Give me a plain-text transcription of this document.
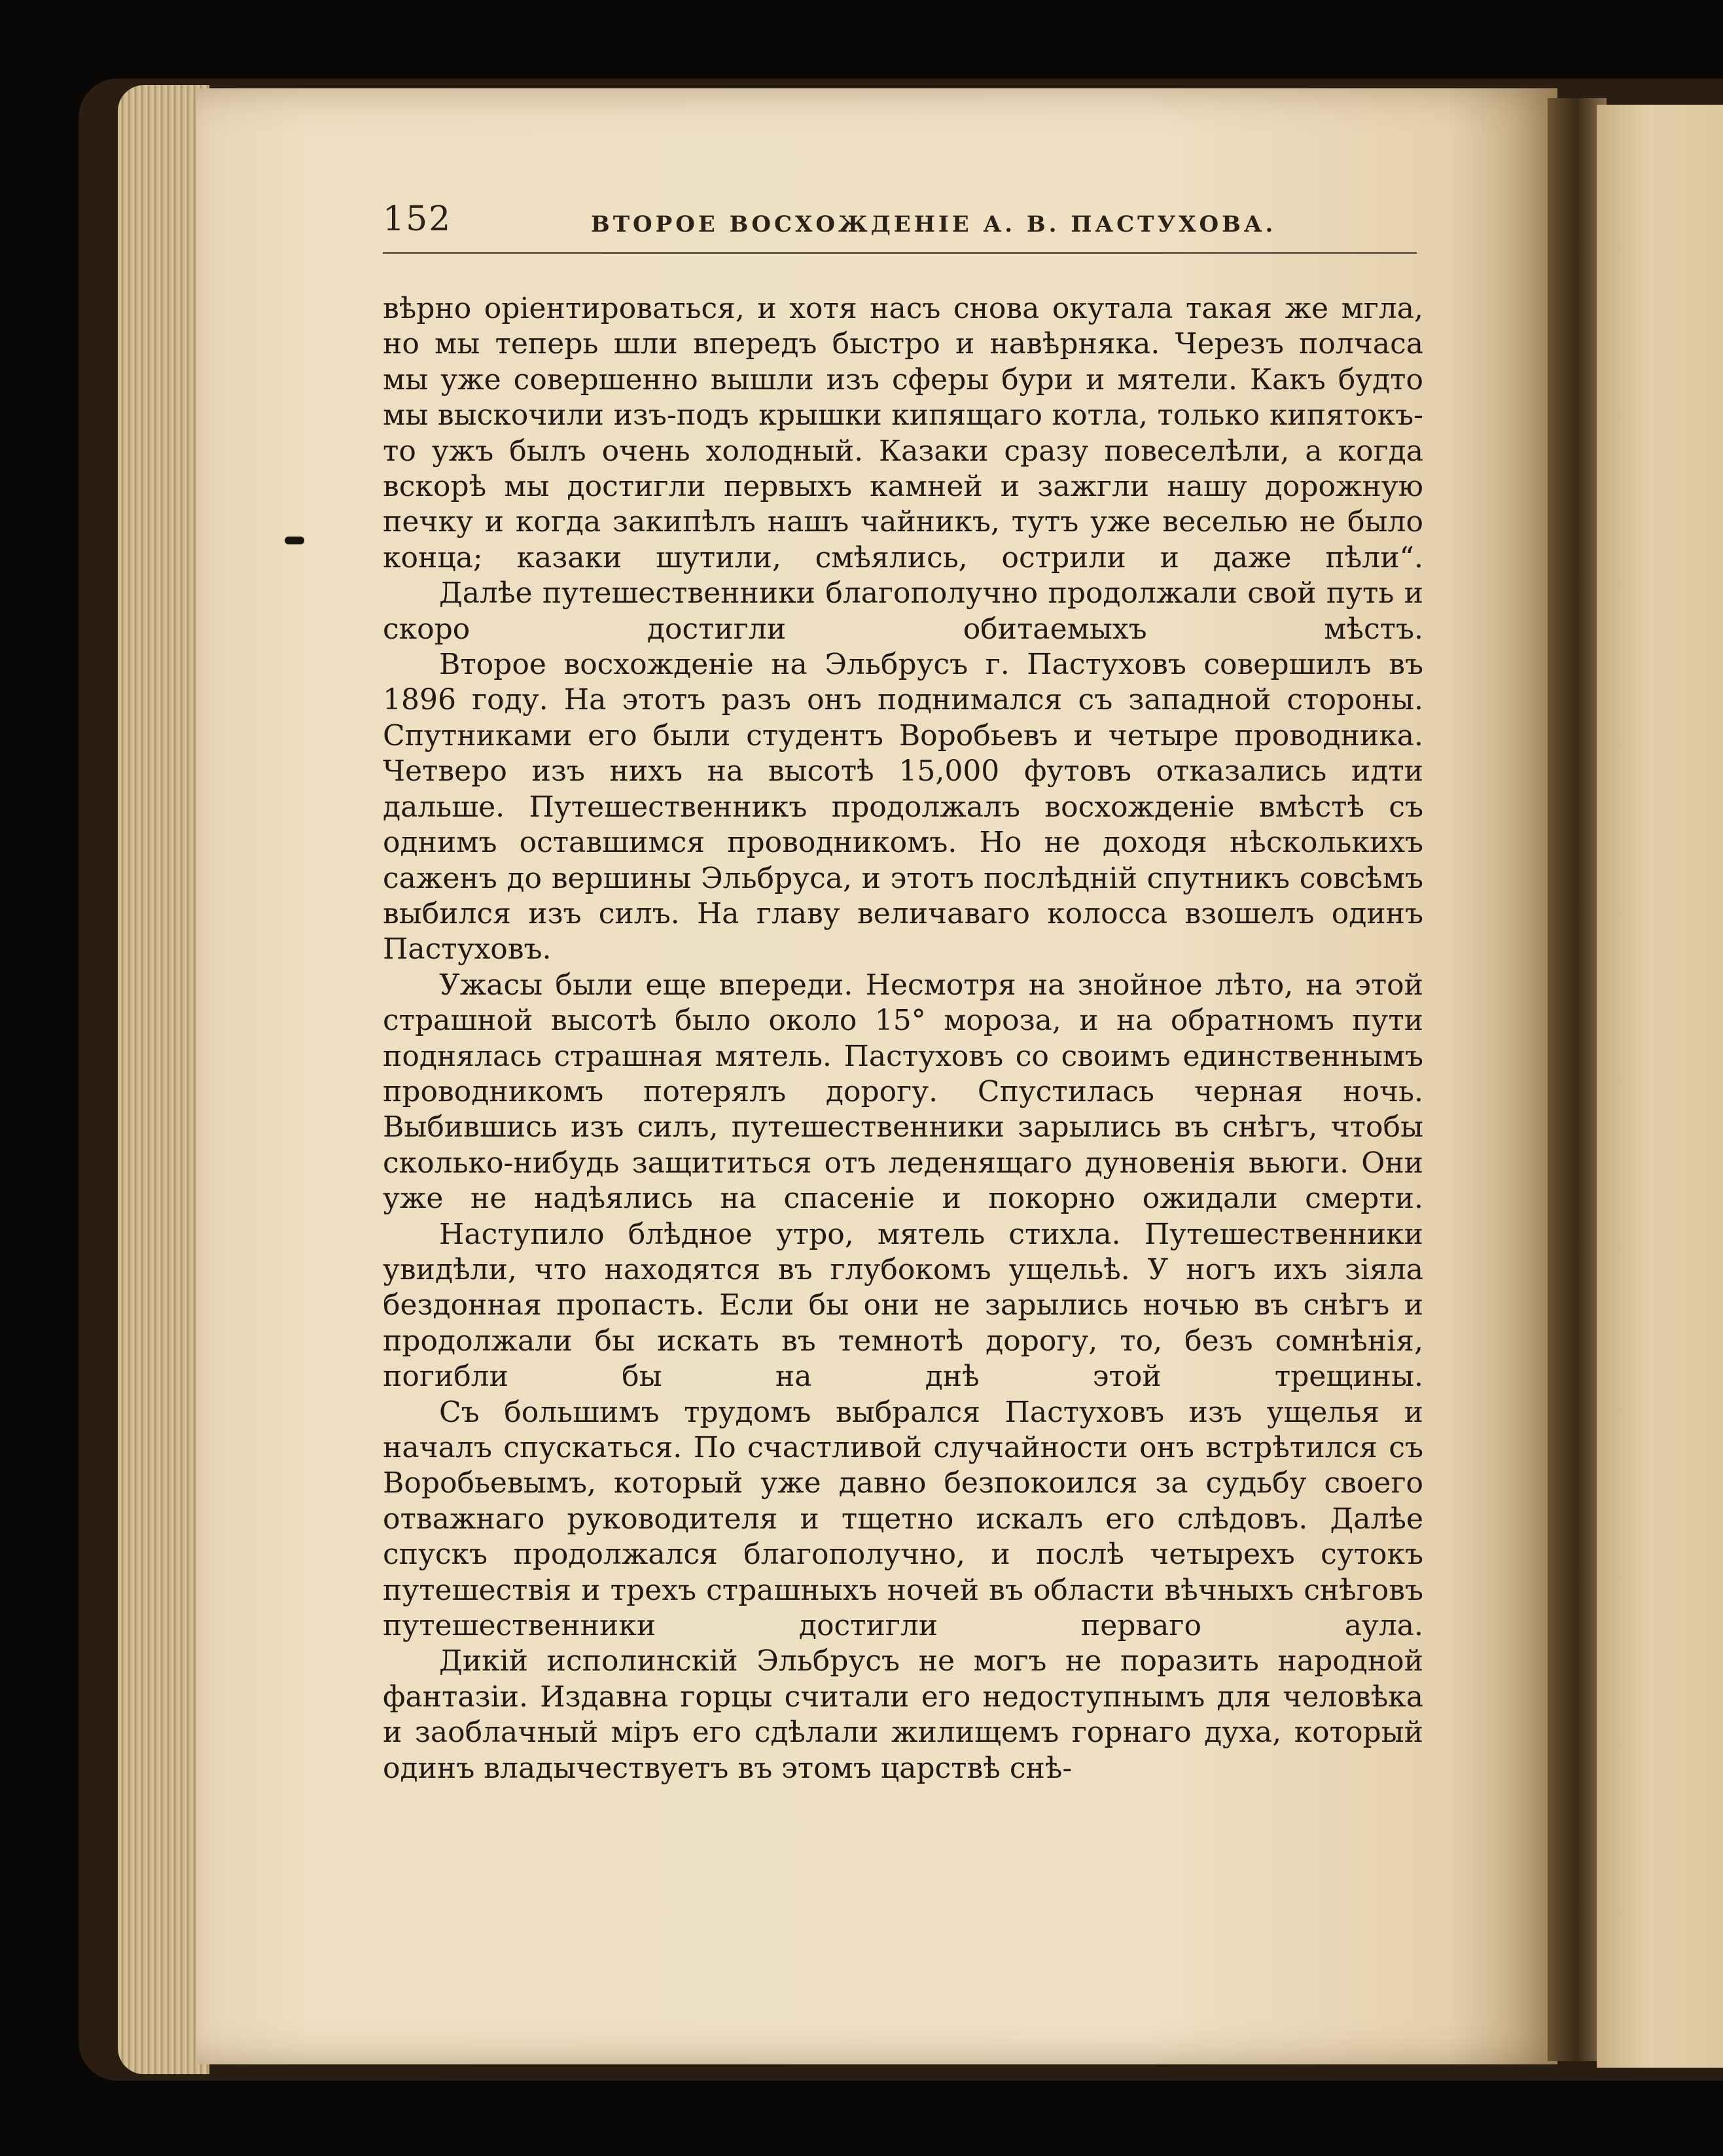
152	ВТОРОЕ ВОСХОЖДЕНІЕ А. В. ПАСТУХОВА.

вѣрно оріентироваться, и хотя насъ снова окутала такая же мгла, но мы теперь шли впередъ быстро и навѣрняка. Черезъ полчаса мы уже совершенно вышли изъ сферы бури и мятели. Какъ будто мы выскочили изъ-подъ крышки кипящаго котла, только кипятокъ-то ужъ былъ очень холодный. Казаки сразу повеселѣли, а когда вскорѣ мы достигли первыхъ камней и зажгли нашу дорожную печку и когда закипѣлъ нашъ чайникъ, тутъ уже веселью не было конца; казаки шутили, смѣялись, острили и даже пѣли“.

Далѣе путешественники благополучно продолжали свой путь и скоро достигли обитаемыхъ мѣстъ.

Второе восхожденіе на Эльбрусъ г. Пастуховъ совершилъ въ 1896 году. На этотъ разъ онъ поднимался съ западной стороны. Спутниками его были студентъ Воробьевъ и четыре проводника. Четверо изъ нихъ на высотѣ 15,000 футовъ отказались идти дальше. Путешественникъ продолжалъ восхожденіе вмѣстѣ съ однимъ оставшимся проводникомъ. Но не доходя нѣсколькихъ саженъ до вершины Эльбруса, и этотъ послѣдній спутникъ совсѣмъ выбился изъ силъ. На главу величаваго колосса взошелъ одинъ Пастуховъ.

Ужасы были еще впереди. Несмотря на знойное лѣто, на этой страшной высотѣ было около 15° мороза, и на обратномъ пути поднялась страшная мятель. Пастуховъ со своимъ единственнымъ проводникомъ потерялъ дорогу. Спустилась черная ночь. Выбившись изъ силъ, путешественники зарылись въ снѣгъ, чтобы сколько-нибудь защититься отъ леденящаго дуновенія вьюги. Они уже не надѣялись на спасеніе и покорно ожидали смерти.

Наступило блѣдное утро, мятель стихла. Путешественники увидѣли, что находятся въ глубокомъ ущельѣ. У ногъ ихъ зіяла бездонная пропасть. Если бы они не зарылись ночью въ снѣгъ и продолжали бы искать въ темнотѣ дорогу, то, безъ сомнѣнія, погибли бы на днѣ этой трещины.

Съ большимъ трудомъ выбрался Пастуховъ изъ ущелья и началъ спускаться. По счастливой случайности онъ встрѣтился съ Воробьевымъ, который уже давно безпокоился за судьбу своего отважнаго руководителя и тщетно искалъ его слѣдовъ. Далѣе спускъ продолжался благополучно, и послѣ четырехъ сутокъ путешествія и трехъ страшныхъ ночей въ области вѣчныхъ снѣговъ путешественники достигли перваго аула.

Дикій исполинскій Эльбрусъ не могъ не поразить народной фантазіи. Издавна горцы считали его недоступнымъ для человѣка и заоблачный міръ его сдѣлали жилищемъ горнаго духа, который одинъ владычествуетъ въ этомъ царствѣ снѣ-
